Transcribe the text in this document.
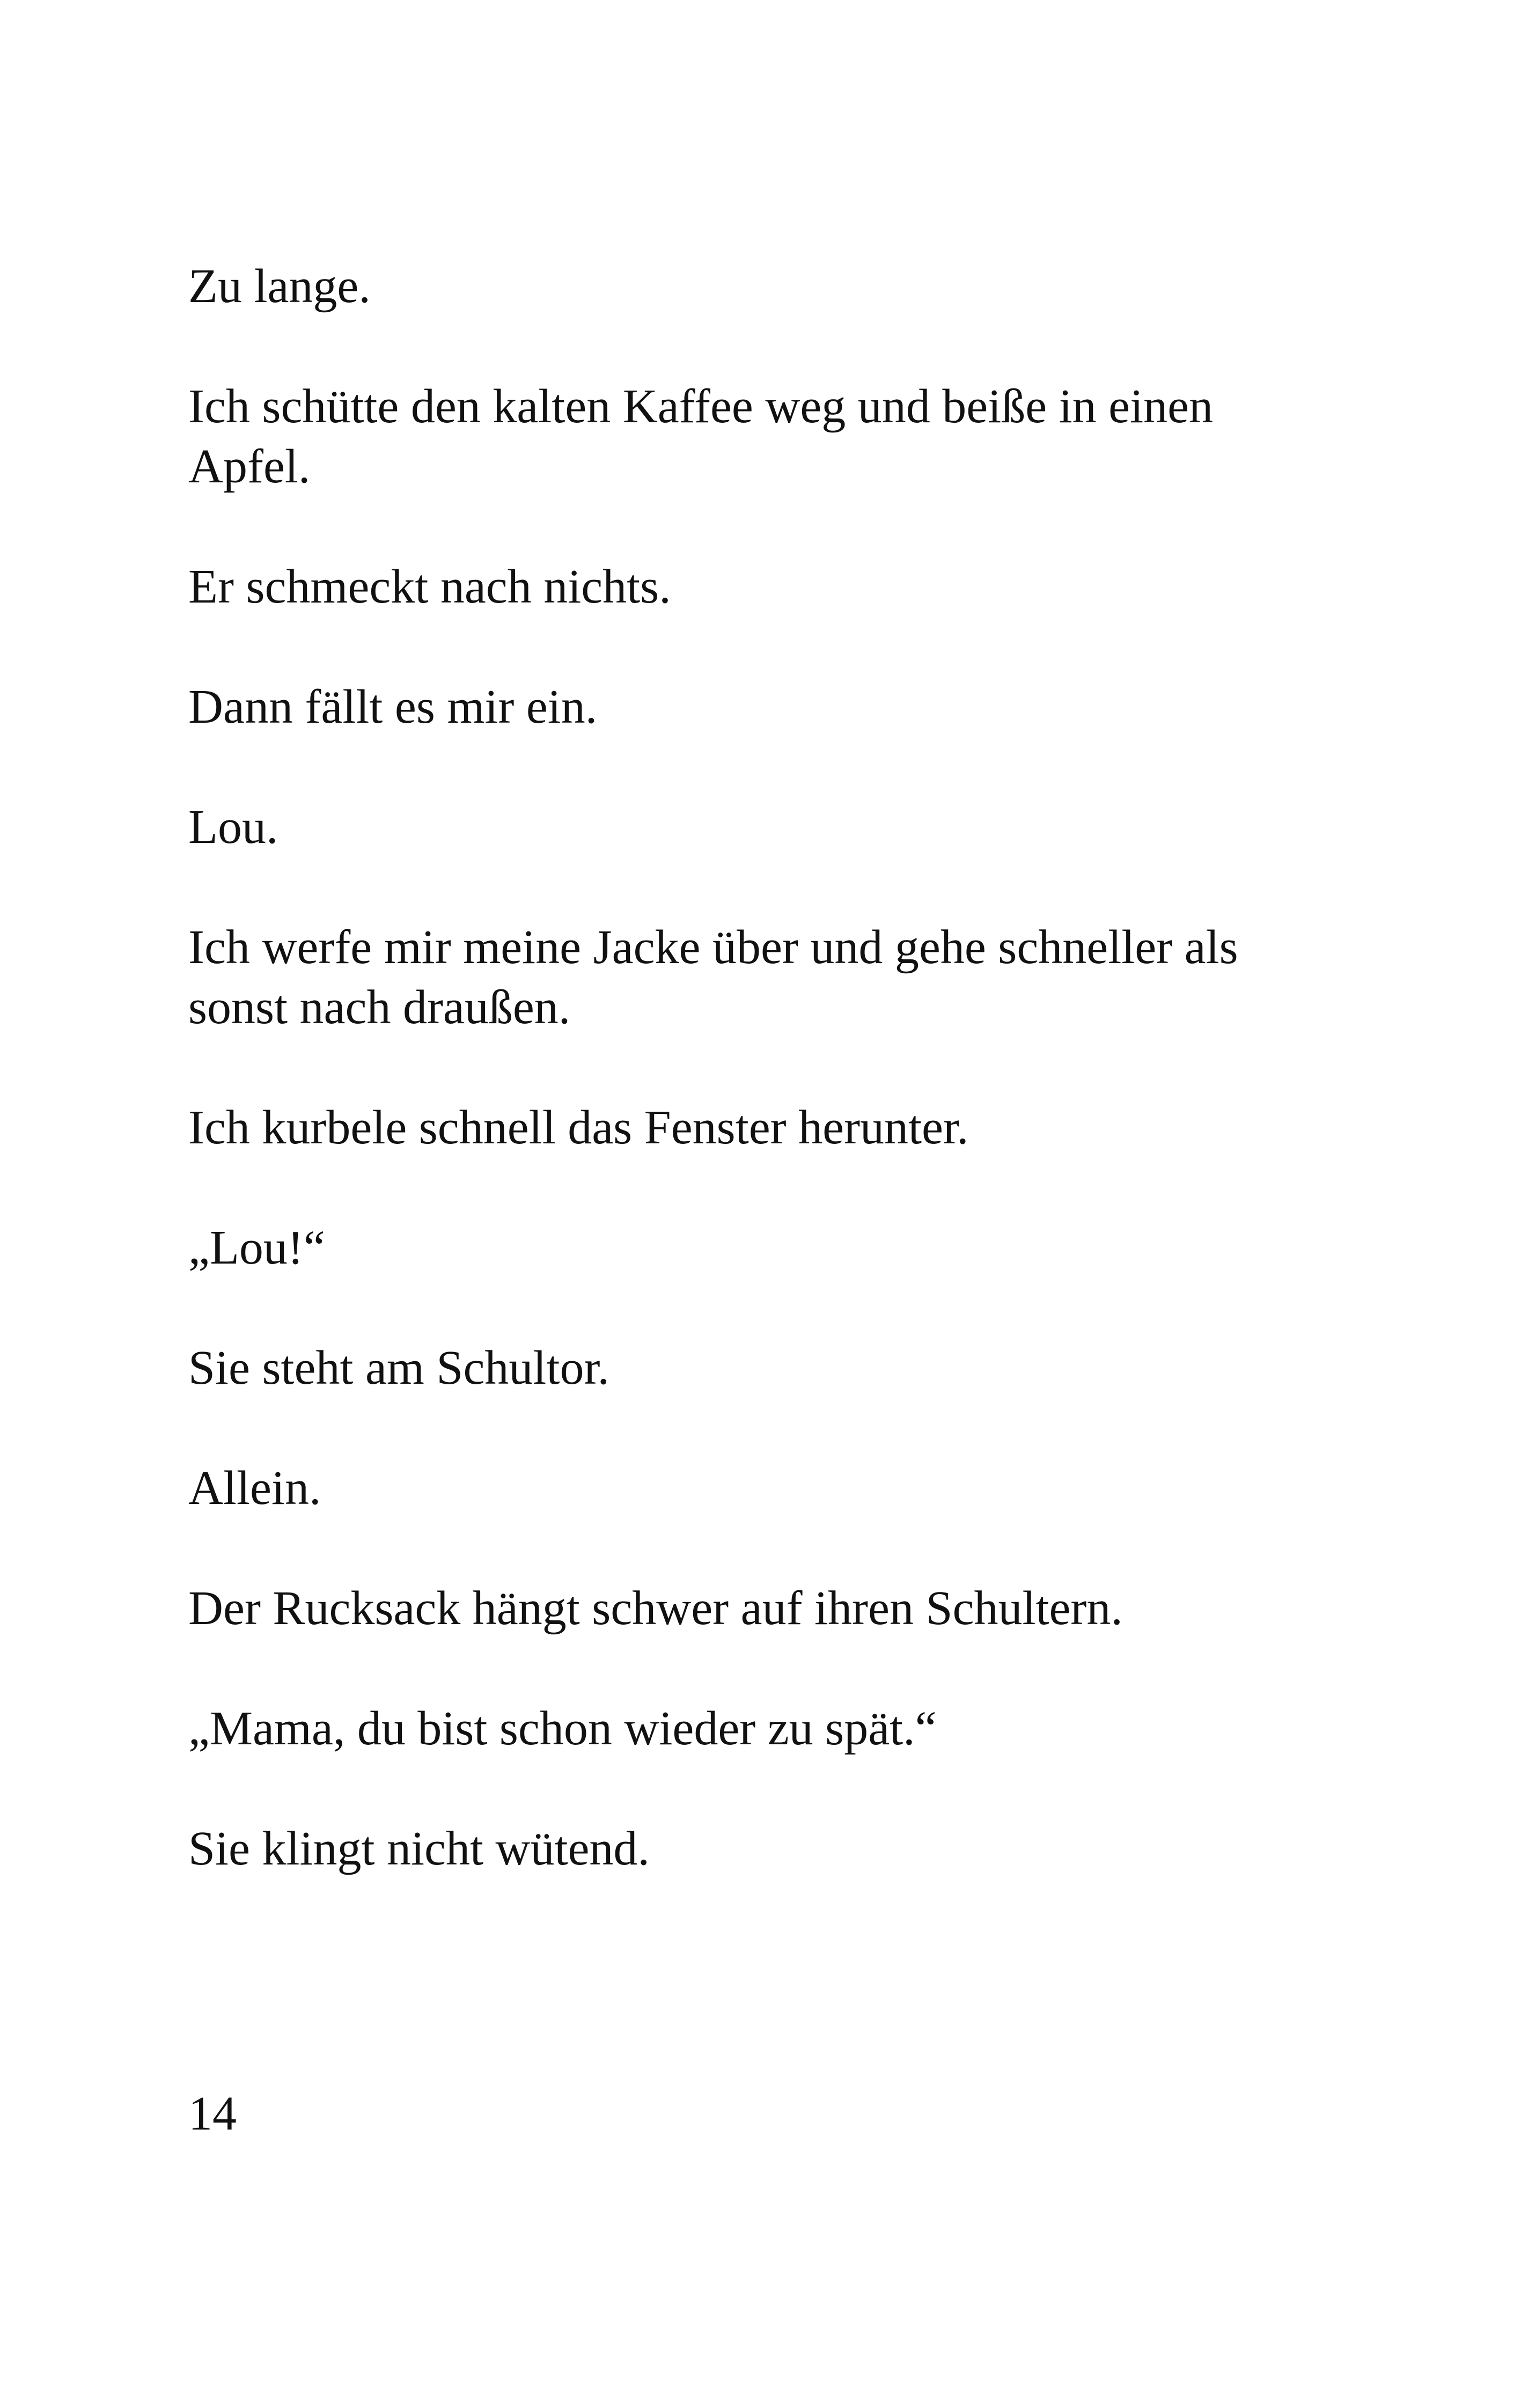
Zu lange.

Ich schütte den kalten Kaffee weg und beiße in einen
Apfel.

Er schmeckt nach nichts.

Dann fällt es mir ein.

Lou.

Ich werfe mir meine Jacke über und gehe schneller als
sonst nach draußen.

Ich kurbele schnell das Fenster herunter.

„Lou!“

Sie steht am Schultor.

Allein.

Der Rucksack hängt schwer auf ihren Schultern.

„Mama, du bist schon wieder zu spät.“

Sie klingt nicht wütend.

14
